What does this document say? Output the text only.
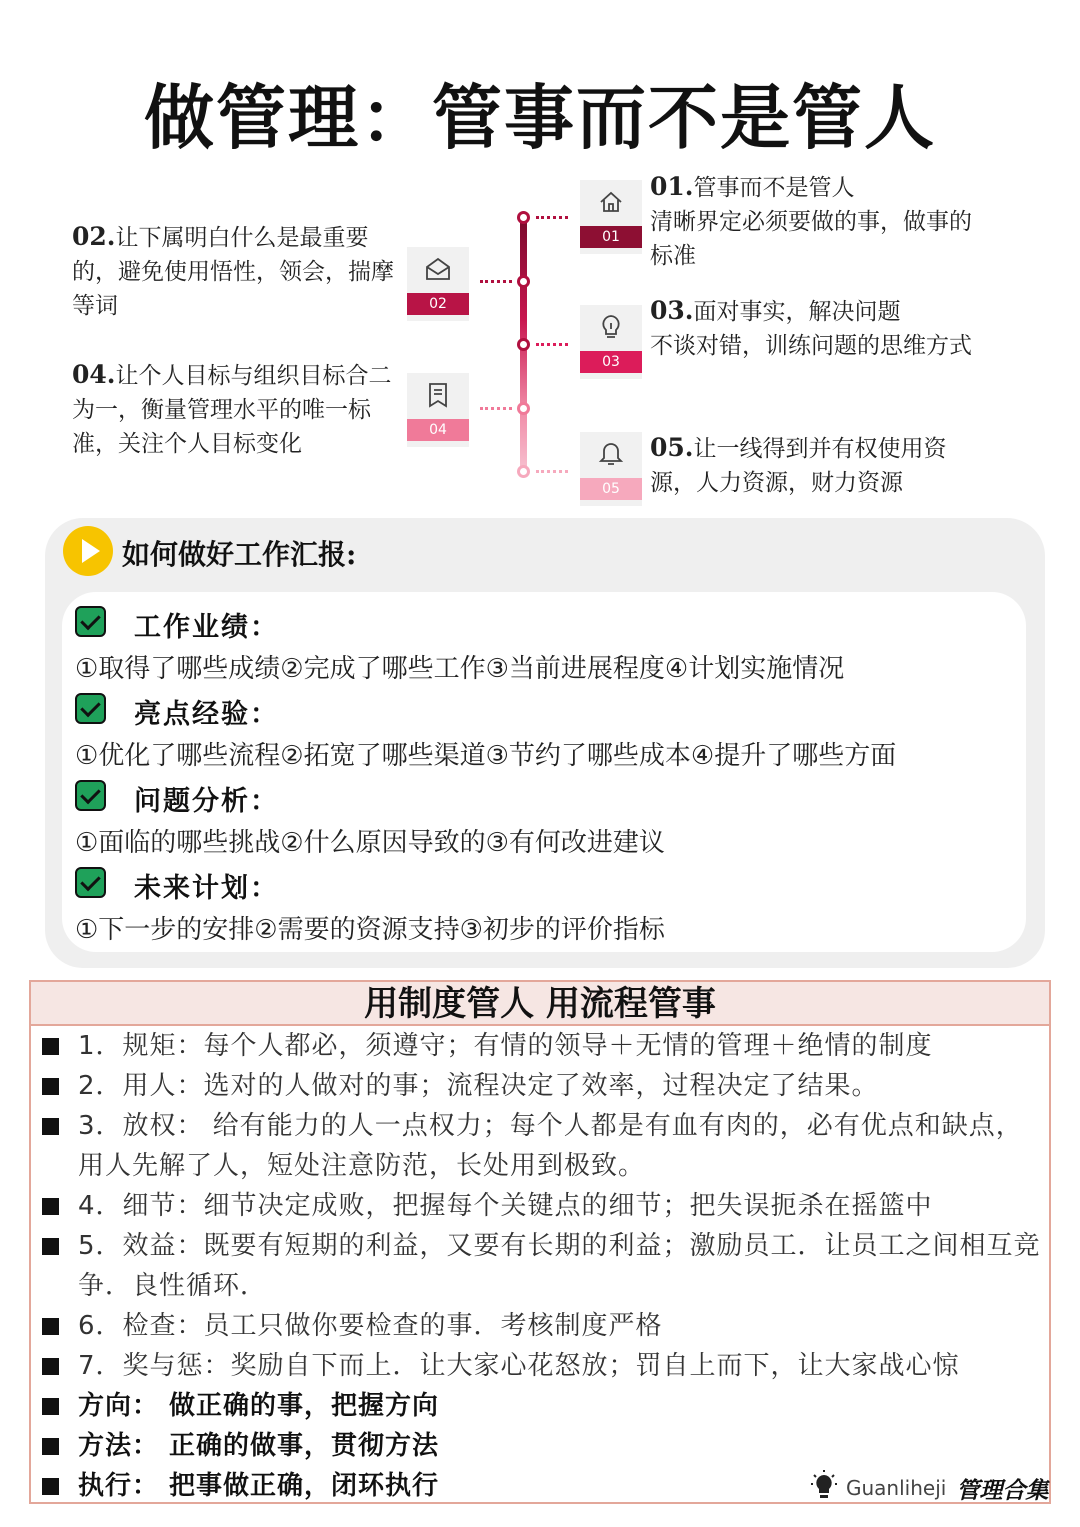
做管理：管事而不是管人
01
02
03
04
05
01.管事而不是管人
清晰界定必须要做的事，做事的标准
02.让下属明白什么是最重要的，避免使用悟性，领会，揣摩等词	03.面对事实，解决问题
不谈对错，训练问题的思维方式
04.让个人目标与组织目标合二为一，衡量管理水平的唯一标准，关注个人目标变化	05.让一线得到并有权使用资源，人力资源，财力资源
如何做好工作汇报:
工作业绩：
①取得了哪些成绩②完成了哪些工作③当前进展程度④计划实施情况
亮点经验：
①优化了哪些流程②拓宽了哪些渠道③节约了哪些成本④提升了哪些方面
问题分析：
①面临的哪些挑战②什么原因导致的③有何改进建议
未来计划：
①下一步的安排②需要的资源支持③初步的评价指标
用制度管人 用流程管事
1．规矩：每个人都必，须遵守；有情的领导＋无情的管理＋绝情的制度
2．用人：选对的人做对的事；流程决定了效率，过程决定了结果。
3．放权： 给有能力的人一点权力；每个人都是有血有肉的，必有优点和缺点，用人先解了人，短处注意防范，长处用到极致。
4．细节：细节决定成败，把握每个关键点的细节；把失误扼杀在摇篮中
5．效益：既要有短期的利益，又要有长期的利益；激励员工．让员工之间相互竞争．良性循环．
6．检查：员工只做你要检查的事．考核制度严格
7．奖与惩：奖励自下而上．让大家心花怒放；罚自上而下，让大家战心惊
方向： 做正确的事，把握方向
方法： 正确的做事，贯彻方法
执行： 把事做正确，闭环执行	Guanliheji 管理合集
